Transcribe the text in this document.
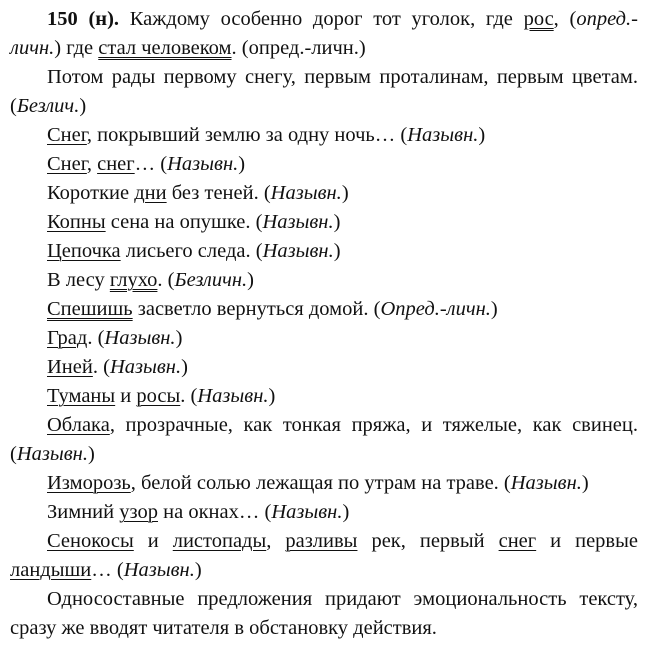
150 (н). Каждому особенно дорог тот уголок, где рос, (опред.-личн.) где стал человеком. (опред.-личн.)

Потом рады первому снегу, первым проталинам, первым цветам. (Безлич.)

Снег, покрывший землю за одну ночь… (Назывн.)

Снег, снег… (Назывн.)

Короткие дни без теней. (Назывн.)

Копны сена на опушке. (Назывн.)

Цепочка лисьего следа. (Назывн.)

В лесу глухо. (Безличн.)

Спешишь засветло вернуться домой. (Опред.-личн.)

Град. (Назывн.)

Иней. (Назывн.)

Туманы и росы. (Назывн.)

Облака, прозрачные, как тонкая пряжа, и тяжелые, как свинец. (Назывн.)

Изморозь, белой солью лежащая по утрам на траве. (Назывн.)

Зимний узор на окнах… (Назывн.)

Сенокосы и листопады, разливы рек, первый снег и первые ландыши… (Назывн.)

Односоставные предложения придают эмоциональность тексту, сразу же вводят читателя в обстановку действия.
